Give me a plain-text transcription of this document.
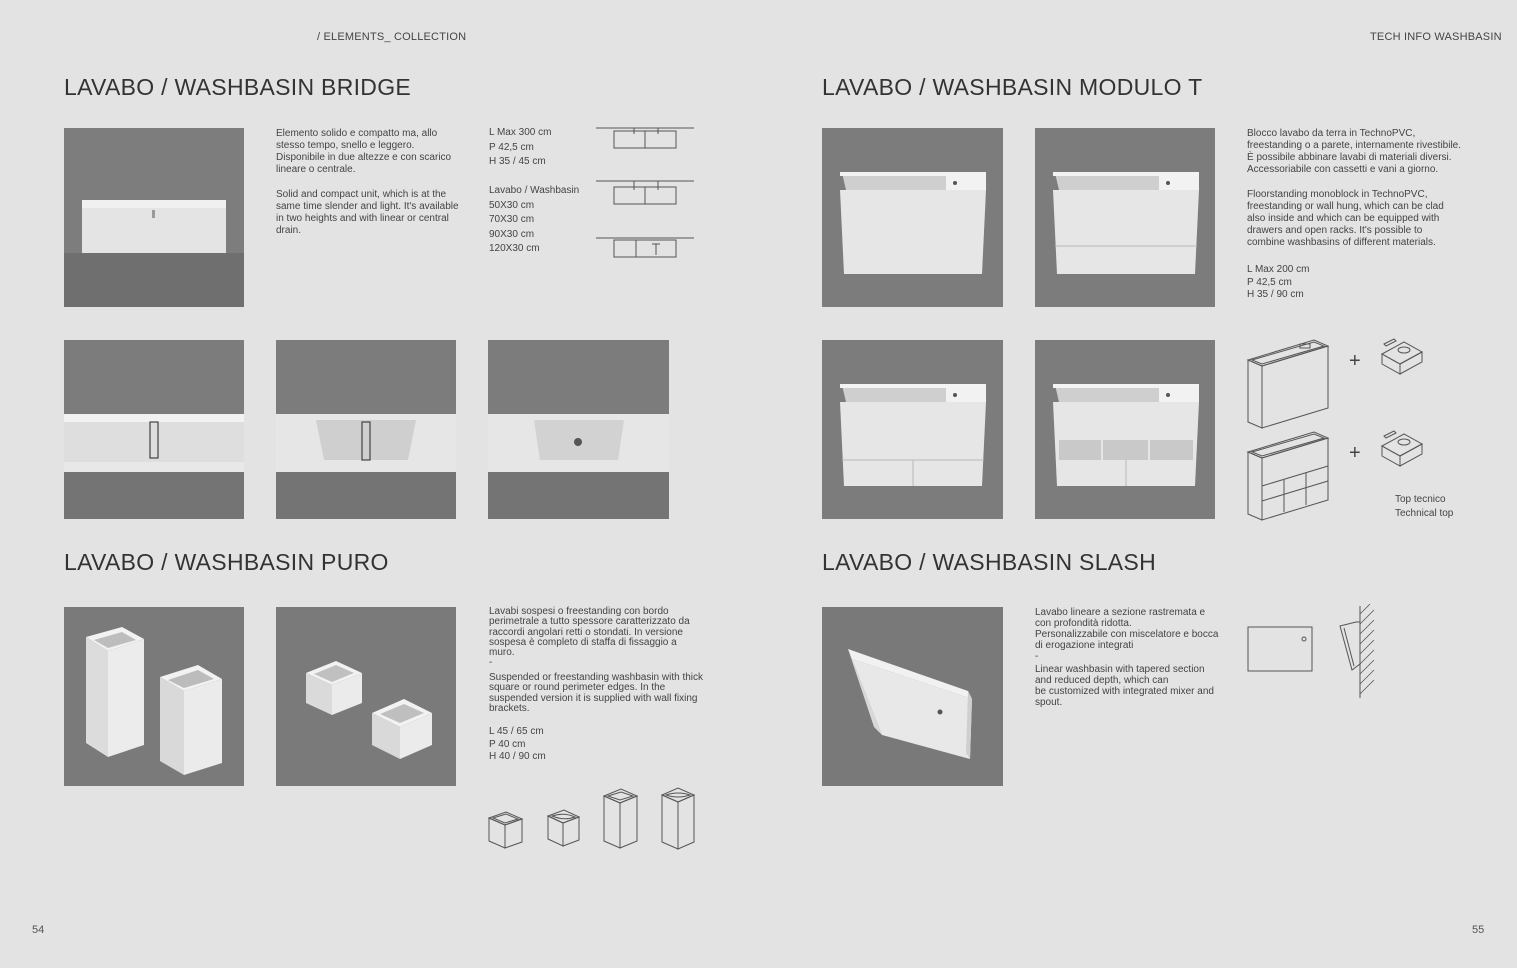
/ ELEMENTS_ COLLECTION	TECH INFO WASHBASIN
LAVABO / WASHBASIN BRIDGE
Elemento solido e compatto ma, allo
stesso tempo, snello e leggero.
Disponibile in due altezze e con scarico
lineare o centrale.
Solid and compact unit, which is at the
same time slender and light. It's available
in two heights and with linear or central
drain.
L Max 300 cm
P 42,5 cm
H 35 / 45 cm
Lavabo / Washbasin
50X30 cm
70X30 cm
90X30 cm
120X30 cm
LAVABO / WASHBASIN PURO
Lavabi sospesi o freestanding con bordo
perimetrale a tutto spessore caratterizzato da
raccordi angolari retti o stondati. In versione
sospesa è completo di staffa di fissaggio a
muro.
-
Suspended or freestanding washbasin with thick
square or round perimeter edges. In the
suspended version it is supplied with wall fixing
brackets.
L 45 / 65 cm
P 40 cm
H 40 / 90 cm
LAVABO / WASHBASIN MODULO T
Blocco lavabo da terra in TechnoPVC,
freestanding o a parete, internamente rivestibile.
È possibile abbinare lavabi di materiali diversi.
Accessoriabile con cassetti e vani a giorno.
Floorstanding monoblock in TechnoPVC,
freestanding or wall hung, which can be clad
also inside and which can be equipped with
drawers and open racks. It's possible to
combine washbasins of different materials.
L Max 200 cm
P 42,5 cm
H 35 / 90 cm
+
+
Top tecnico
Technical top
LAVABO / WASHBASIN SLASH
Lavabo lineare a sezione rastremata e
con profondità ridotta.
Personalizzabile con miscelatore e bocca
di erogazione integrati
-
Linear washbasin with tapered section
and reduced depth, which can
be customized with integrated mixer and
spout.
54	55
